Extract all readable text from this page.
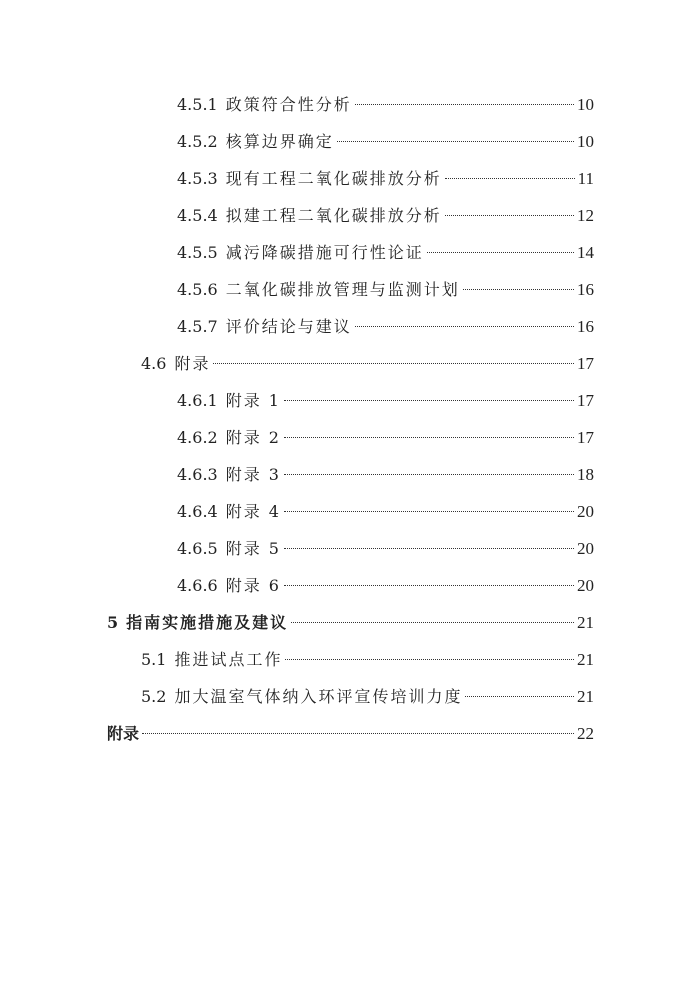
4.5.1 政策符合性分析	10
4.5.2 核算边界确定	10
4.5.3 现有工程二氧化碳排放分析	11
4.5.4 拟建工程二氧化碳排放分析	12
4.5.5 减污降碳措施可行性论证	14
4.5.6 二氧化碳排放管理与监测计划	16
4.5.7 评价结论与建议	16
4.6 附录	17
4.6.1 附录 1	17
4.6.2 附录 2	17
4.6.3 附录 3	18
4.6.4 附录 4	20
4.6.5 附录 5	20
4.6.6 附录 6	20
5 指南实施措施及建议	21
5.1 推进试点工作	21
5.2 加大温室气体纳入环评宣传培训力度	21
附录	22
